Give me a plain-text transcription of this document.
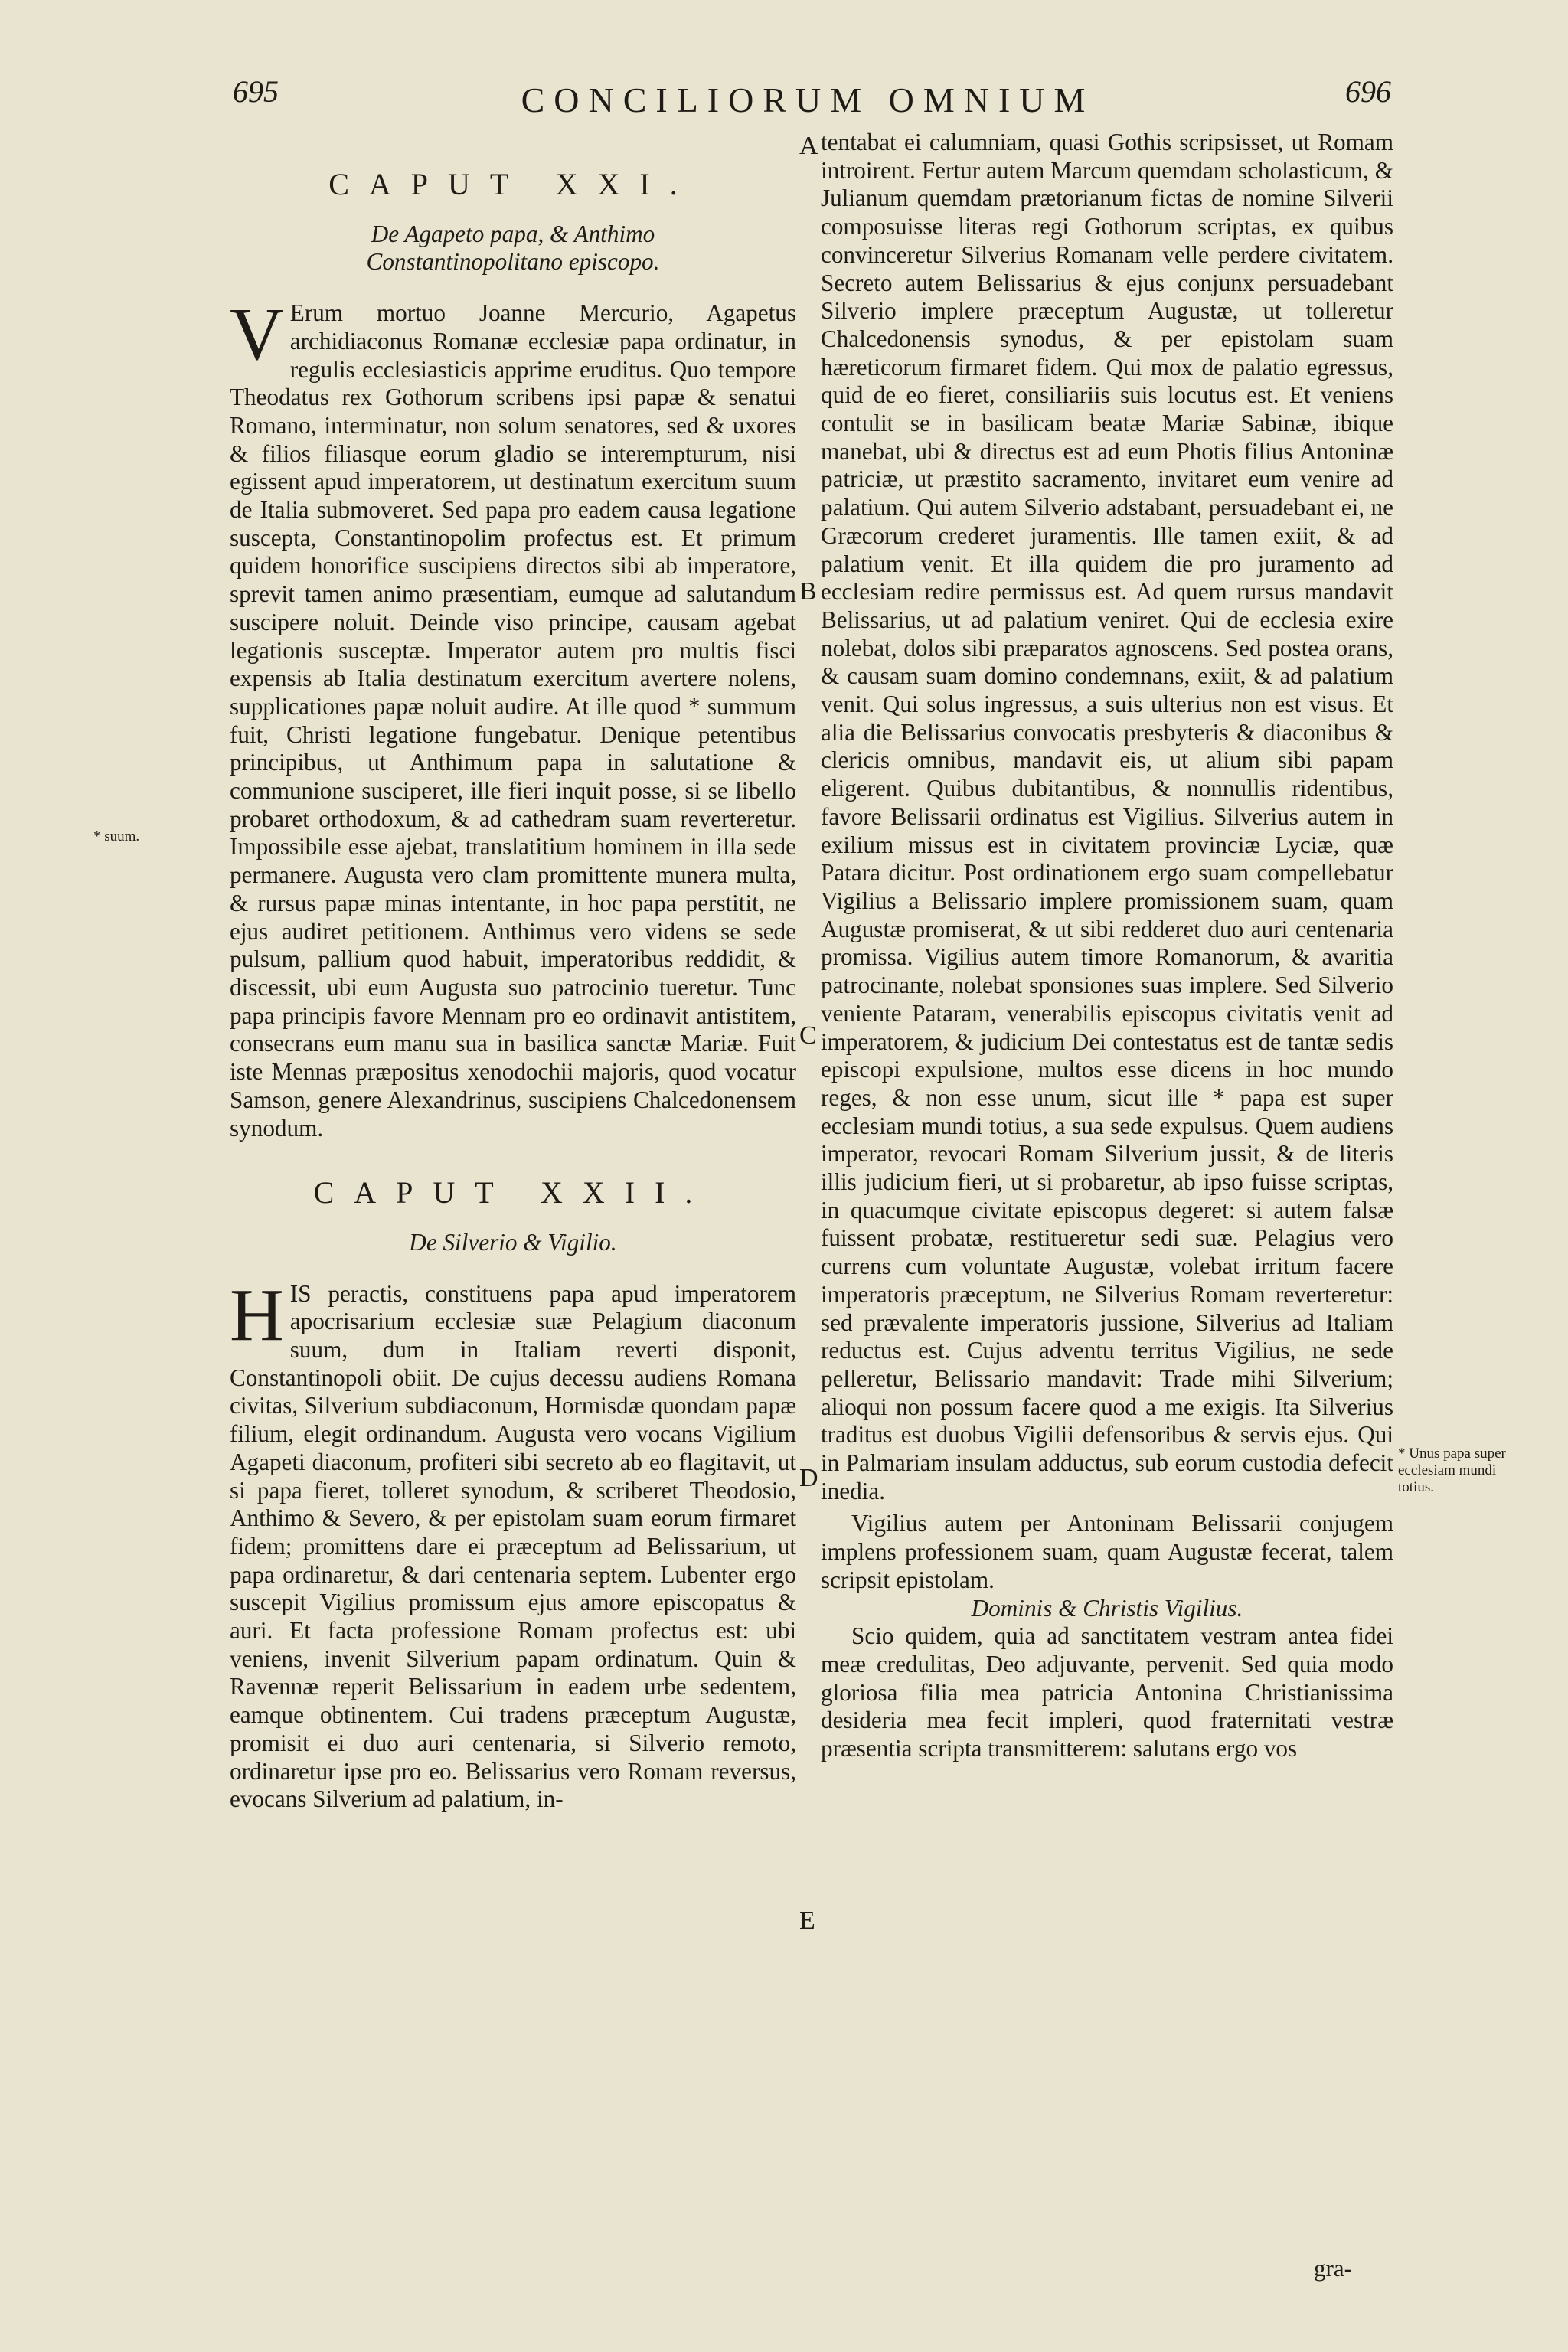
695	CONCILIORUM OMNIUM	696
CAPUT XXI.
De Agapeto papa, & Anthimo Constantinopolitano episcopo.

V Erum mortuo Joanne Mercurio, Agapetus archidiaconus Romanæ ecclesiæ papa ordinatur, in regulis ecclesiasticis apprime eruditus. Quo tempore Theodatus rex Gothorum scribens ipsi papæ & senatui Romano, interminatur, non solum senatores, sed & uxores & filios filiasque eorum gladio se interempturum, nisi egissent apud imperatorem, ut destinatum exercitum suum de Italia submoveret. Sed papa pro eadem causa legatione suscepta, Constantinopolim profectus est. Et primum quidem honorifice suscipiens directos sibi ab imperatore, sprevit tamen animo præsentiam, eumque ad salutandum suscipere noluit. Deinde viso principe, causam agebat legationis susceptæ. Imperator autem pro multis fisci expensis ab Italia destinatum exercitum avertere nolens, supplicationes papæ noluit audire. At ille quod * summum fuit, Christi legatione fungebatur. Denique petentibus principibus, ut Anthimum papa in salutatione & communione susciperet, ille fieri inquit posse, si se libello probaret orthodoxum, & ad cathedram suam reverteretur. Impossibile esse ajebat, translatitium hominem in illa sede permanere. Augusta vero clam promittente munera multa, & rursus papæ minas intentante, in hoc papa perstitit, ne ejus audiret petitionem. Anthimus vero videns se sede pulsum, pallium quod habuit, imperatoribus reddidit, & discessit, ubi eum Augusta suo patrocinio tueretur. Tunc papa principis favore Mennam pro eo ordinavit antistitem, consecrans eum manu sua in basilica sanctæ Mariæ. Fuit iste Mennas præpositus xenodochii majoris, quod vocatur Samson, genere Alexandrinus, suscipiens Chalcedonensem synodum.

CAPUT XXII.
De Silverio & Vigilio.

HIS peractis, constituens papa apud imperatorem apocrisarium ecclesiæ suæ Pelagium diaconum suum, dum in Italiam reverti disponit, Constantinopoli obiit. De cujus decessu audiens Romana civitas, Silverium subdiaconum, Hormisdæ quondam papæ filium, elegit ordinandum. Augusta vero vocans Vigilium Agapeti diaconum, profiteri sibi secreto ab eo flagitavit, ut si papa fieret, tolleret synodum, & scriberet Theodosio, Anthimo & Severo, & per epistolam suam eorum firmaret fidem; promittens dare ei præceptum ad Belissarium, ut papa ordinaretur, & dari centenaria septem. Lubenter ergo suscepit Vigilius promissum ejus amore episcopatus & auri. Et facta professione Romam profectus est: ubi veniens, invenit Silverium papam ordinatum. Quin & Ravennæ reperit Belissarium in eadem urbe sedentem, eamque obtinentem. Cui tradens præceptum Augustæ, promisit ei duo auri centenaria, si Silverio remoto, ordinaretur ipse pro eo. Belissarius vero Romam reversus, evocans Silverium ad palatium, in-

tentabat ei calumniam, quasi Gothis scripsisset, ut Romam introirent. Fertur autem Marcum quemdam scholasticum, & Julianum quemdam prætorianum fictas de nomine Silverii composuisse literas regi Gothorum scriptas, ex quibus convinceretur Silverius Romanam velle perdere civitatem. Secreto autem Belissarius & ejus conjunx persuadebant Silverio implere præceptum Augustæ, ut tolleretur Chalcedonensis synodus, & per epistolam suam hæreticorum firmaret fidem. Qui mox de palatio egressus, quid de eo fieret, consiliariis suis locutus est. Et veniens contulit se in basilicam beatæ Mariæ Sabinæ, ibique manebat, ubi & directus est ad eum Photis filius Antoninæ patriciæ, ut præstito sacramento, invitaret eum venire ad palatium. Qui autem Silverio adstabant, persuadebant ei, ne Græcorum crederet juramentis. Ille tamen exiit, & ad palatium venit. Et illa quidem die pro juramento ad ecclesiam redire permissus est. Ad quem rursus mandavit Belissarius, ut ad palatium veniret. Qui de ecclesia exire nolebat, dolos sibi præparatos agnoscens. Sed postea orans, & causam suam domino condemnans, exiit, & ad palatium venit. Qui solus ingressus, a suis ulterius non est visus. Et alia die Belissarius convocatis presbyteris & diaconibus & clericis omnibus, mandavit eis, ut alium sibi papam eligerent. Quibus dubitantibus, & nonnullis ridentibus, favore Belissarii ordinatus est Vigilius. Silverius autem in exilium missus est in civitatem provinciæ Lyciæ, quæ Patara dicitur. Post ordinationem ergo suam compellebatur Vigilius a Belissario implere promissionem suam, quam Augustæ promiserat, & ut sibi redderet duo auri centenaria promissa. Vigilius autem timore Romanorum, & avaritia patrocinante, nolebat sponsiones suas implere. Sed Silverio veniente Pataram, venerabilis episcopus civitatis venit ad imperatorem, & judicium Dei contestatus est de tantæ sedis episcopi expulsione, multos esse dicens in hoc mundo reges, & non esse unum, sicut ille * papa est super ecclesiam mundi totius, a sua sede expulsus. Quem audiens imperator, revocari Romam Silverium jussit, & de literis illis judicium fieri, ut si probaretur, ab ipso fuisse scriptas, in quacumque civitate episcopus degeret: si autem falsæ fuissent probatæ, restitueretur sedi suæ. Pelagius vero currens cum voluntate Augustæ, volebat irritum facere imperatoris præceptum, ne Silverius Romam reverteretur: sed prævalente imperatoris jussione, Silverius ad Italiam reductus est. Cujus adventu territus Vigilius, ne sede pelleretur, Belissario mandavit: Trade mihi Silverium; alioqui non possum facere quod a me exigis. Ita Silverius traditus est duobus Vigilii defensoribus & servis ejus. Qui in Palmariam insulam adductus, sub eorum custodia defecit inedia.

Vigilius autem per Antoninam Belissarii conjugem implens professionem suam, quam Augustæ fecerat, talem scripsit epistolam.

Dominis & Christis Vigilius.

Scio quidem, quia ad sanctitatem vestram antea fidei meæ credulitas, Deo adjuvante, pervenit. Sed quia modo gloriosa filia mea patricia Antonina Christianissima desideria mea fecit impleri, quod fraternitati vestræ præsentia scripta transmitterem: salutans ergo vos

gra-
A
B
C
D
E
* suum.
* Unus papa super ecclesiam mundi totius.
